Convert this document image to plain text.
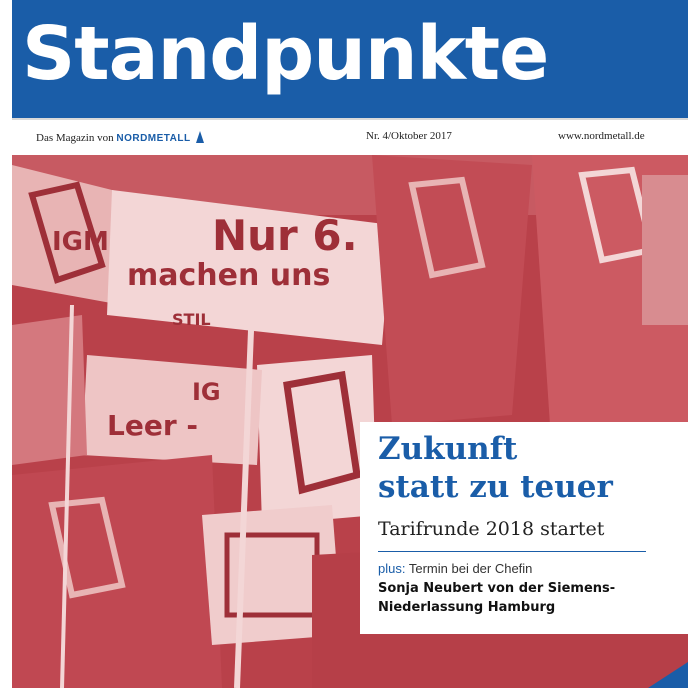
Standpunkte
Das Magazin von NORDMETALL	Nr. 4/Oktober 2017	www.nordmetall.de
IGM Nur 6.
machen uns
STIL
IG
Leer -
Zukunft
statt zu teuer
Tarifrunde 2018 startet
plus: Termin bei der Chefin
Sonja Neubert von der Siemens-
Niederlassung Hamburg
